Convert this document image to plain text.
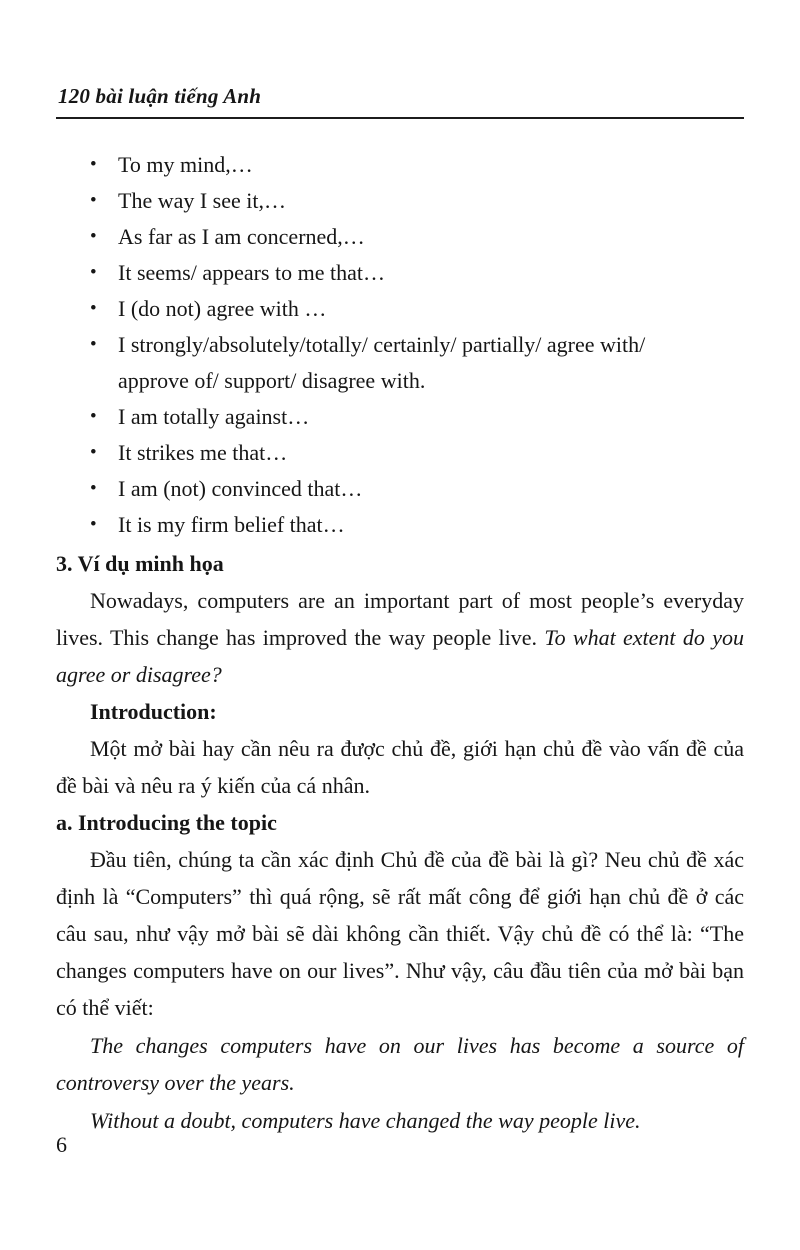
120 bài luận tiếng Anh
• To my mind,…
• The way I see it,…
• As far as I am concerned,…
• It seems/ appears to me that…
• I (do not) agree with …
• I strongly/absolutely/totally/ certainly/ partially/ agree with/ approve of/ support/ disagree with.
• I am totally against…
• It strikes me that…
• I am (not) convinced that…
• It is my firm belief that…
3. Ví dụ minh họa

Nowadays, computers are an important part of most people’s everyday lives. This change has improved the way people live. To what extent do you agree or disagree?

Introduction:

Một mở bài hay cần nêu ra được chủ đề, giới hạn chủ đề vào vấn đề của đề bài và nêu ra ý kiến của cá nhân.

a. Introducing the topic

Đầu tiên, chúng ta cần xác định Chủ đề của đề bài là gì? Neu chủ đề xác định là “Computers” thì quá rộng, sẽ rất mất công để giới hạn chủ đề ở các câu sau, như vậy mở bài sẽ dài không cần thiết. Vậy chủ đề có thể là: “The changes computers have on our lives”. Như vậy, câu đầu tiên của mở bài bạn có thể viết:

The changes computers have on our lives has become a source of controversy over the years.

Without a doubt, computers have changed the way people live.

6
